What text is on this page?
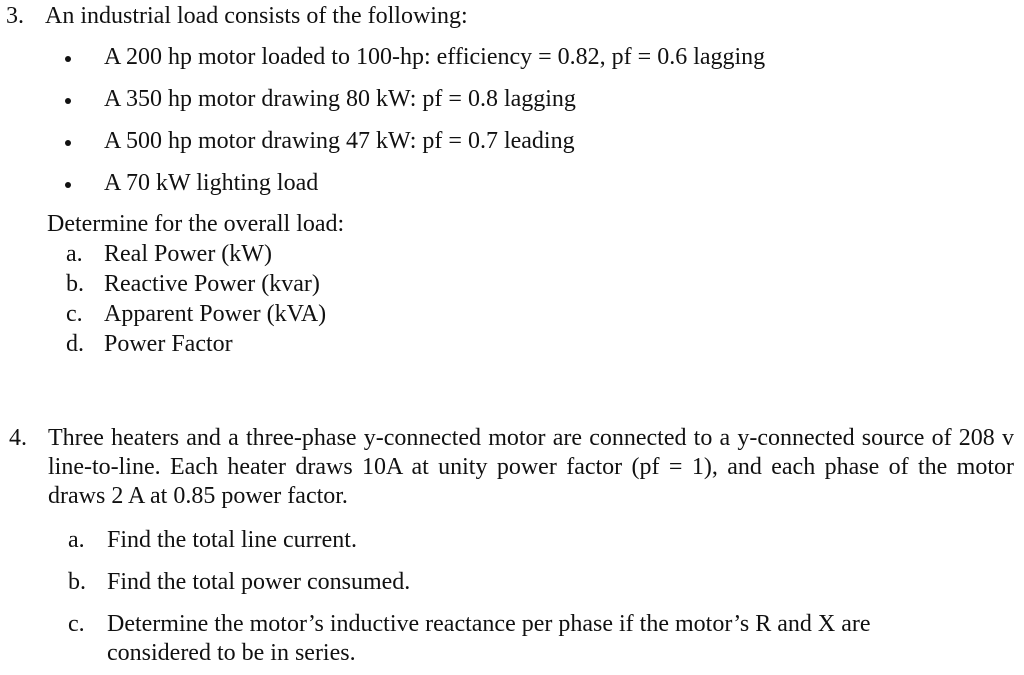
3. An industrial load consists of the following:
A 200 hp motor loaded to 100-hp: efficiency = 0.82, pf = 0.6 lagging
A 350 hp motor drawing 80 kW: pf = 0.8 lagging
A 500 hp motor drawing 47 kW: pf = 0.7 leading
A 70 kW lighting load
Determine for the overall load:
a. Real Power (kW)
b. Reactive Power (kvar)
c. Apparent Power (kVA)
d. Power Factor
4. Three heaters and a three-phase y-connected motor are connected to a y-connected source of 208 v line-to-line. Each heater draws 10A at unity power factor (pf = 1), and each phase of the motor draws 2 A at 0.85 power factor.

a. Find the total line current.
b. Find the total power consumed.
c. Determine the motor’s inductive reactance per phase if the motor’s R and X are considered to be in series.
